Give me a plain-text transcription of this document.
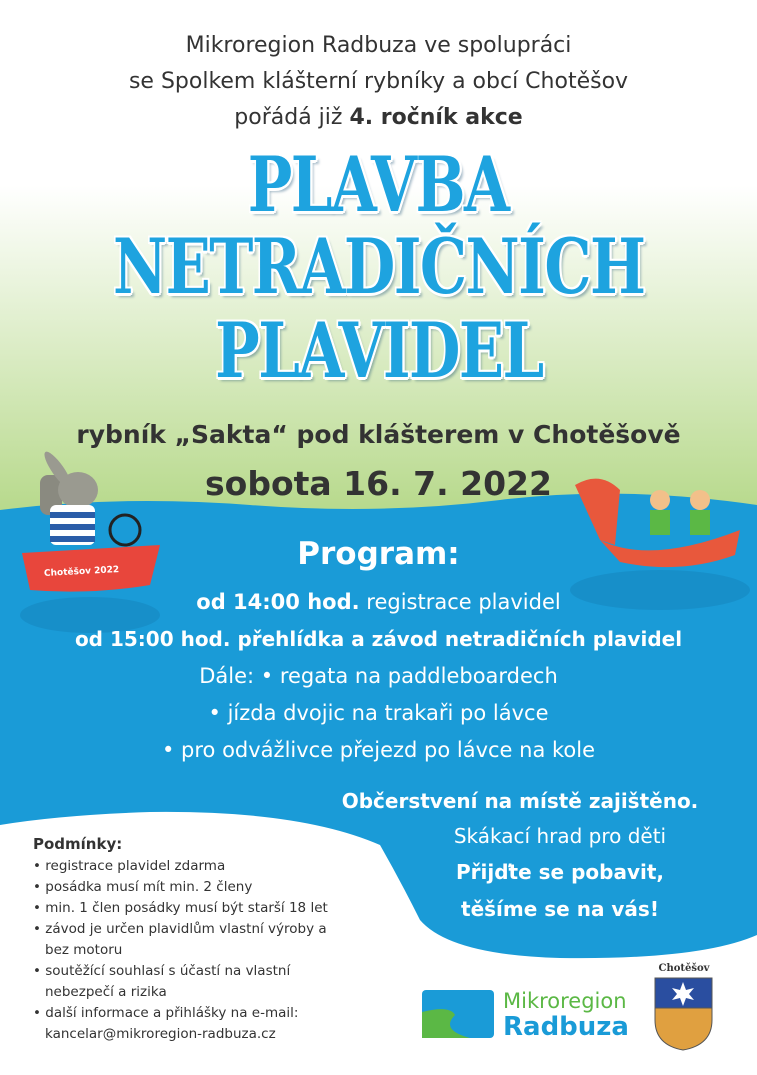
Mikroregion Radbuza ve spolupráci
se Spolkem klášterní rybníky a obcí Chotěšov
pořádá již 4. ročník akce
PLAVBA
NETRADIČNÍCH
PLAVIDEL
rybník „Sakta“ pod klášterem v Chotěšově
sobota 16. 7. 2022
Chotěšov 2022	Program:
od 14:00 hod. registrace plavidel
od 15:00 hod. přehlídka a závod netradičních plavidel
Dále: • regata na paddleboardech
• jízda dvojic na trakaři po lávce
• pro odvážlivce přejezd po lávce na kole
Občerstvení na místě zajištěno.
Skákací hrad pro děti
Přijďte se pobavit,
těšíme se na vás!
Podmínky:
• registrace plavidel zdarma
• posádka musí mít min. 2 členy
• min. 1 člen posádky musí být starší 18 let
• závod je určen plavidlům vlastní výroby a bez motoru
• soutěžící souhlasí s účastí na vlastní nebezpečí a rizika
• další informace a přihlášky na e-mail: kancelar@mikroregion-radbuza.cz
Mikroregion
Radbuza
Chotěšov
